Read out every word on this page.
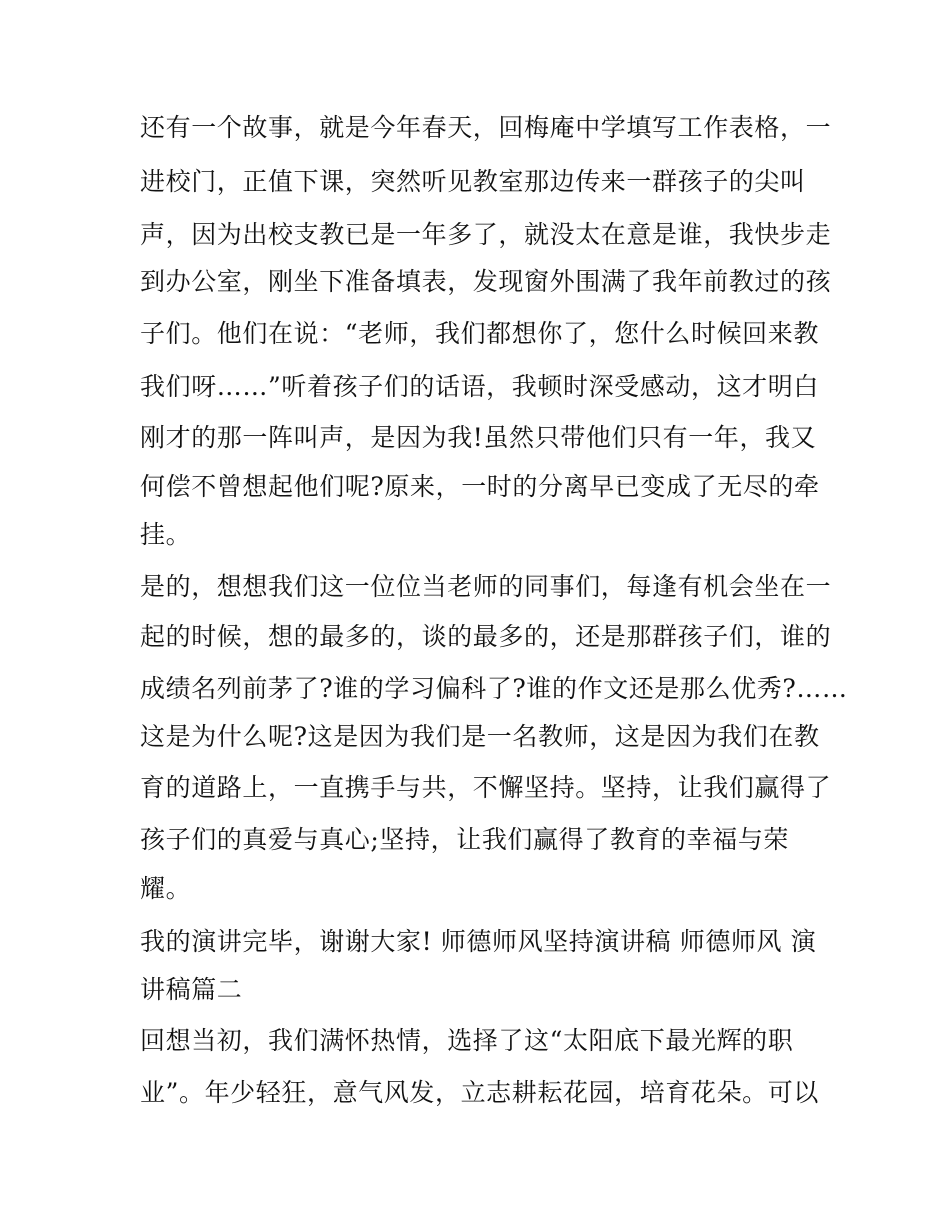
还有一个故事，就是今年春天，回梅庵中学填写工作表格，一
进校门，正值下课，突然听见教室那边传来一群孩子的尖叫
声，因为出校支教已是一年多了，就没太在意是谁，我快步走
到办公室，刚坐下准备填表，发现窗外围满了我年前教过的孩
子们。他们在说：“老师，我们都想你了，您什么时候回来教
我们呀……”听着孩子们的话语，我顿时深受感动，这才明白
刚才的那一阵叫声，是因为我!虽然只带他们只有一年，我又
何偿不曾想起他们呢?原来，一时的分离早已变成了无尽的牵
挂。
是的，想想我们这一位位当老师的同事们，每逢有机会坐在一
起的时候，想的最多的，谈的最多的，还是那群孩子们，谁的
成绩名列前茅了?谁的学习偏科了?谁的作文还是那么优秀?……
这是为什么呢?这是因为我们是一名教师，这是因为我们在教
育的道路上，一直携手与共，不懈坚持。坚持，让我们赢得了
孩子们的真爱与真心;坚持，让我们赢得了教育的幸福与荣
耀。
我的演讲完毕，谢谢大家! 师德师风坚持演讲稿 师德师风 演
讲稿篇二
回想当初，我们满怀热情，选择了这“太阳底下最光辉的职
业”。年少轻狂，意气风发，立志耕耘花园，培育花朵。可以
